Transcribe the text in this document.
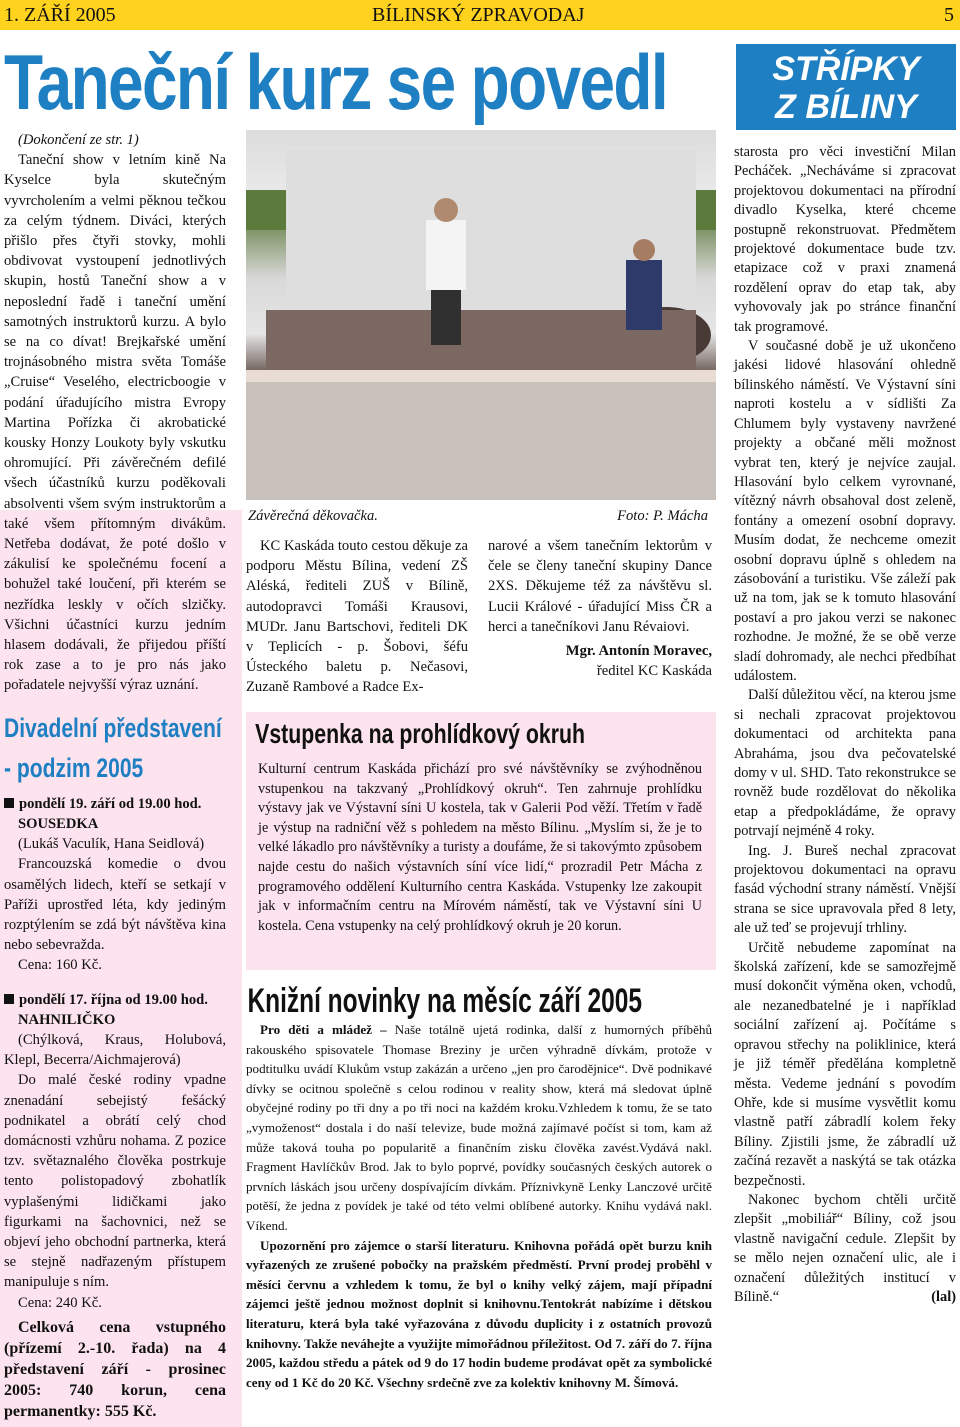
1. ZÁŘÍ 2005	BÍLINSKÝ ZPRAVODAJ	5
Taneční kurz se povedl

(Dokončení ze str. 1)

Taneční show v letním kině Na Kyselce byla skutečným vyvrcholením a velmi pěknou tečkou za celým týdnem. Diváci, kterých přišlo přes čtyři stovky, mohli obdivovat vystoupení jednotlivých skupin, hostů Taneční show a v neposlední řadě i taneční umění samotných instruktorů kurzu. A bylo se na co dívat! Brejkařské umění trojnásobného mistra světa Tomáše „Cruise“ Veselého, electricboogie v podání úřadujícího mistra Evropy Martina Pořízka či akrobatické kousky Honzy Loukoty byly vskutku ohromující. Při závěrečném defilé všech účastníků kurzu poděkovali absolventi všem svým instruktorům a také všem přítomným divákům. Netřeba dodávat, že poté došlo v zákulisí ke společnému focení a bohužel také loučení, při kterém se nezřídka leskly v očích slzičky. Všichni účastníci kurzu jedním hlasem dodávali, že přijedou příští rok zase a to je pro nás jako pořadatele nejvyšší výraz uznání.

Divadelní představení
- podzim 2005

pondělí 19. září od 19.00 hod.

SOUSEDKA

(Lukáš Vaculík, Hana Seidlová)

Francouzská komedie o dvou osamělých lidech, kteří se setkají v Paříži uprostřed léta, kdy jediným rozptýlením se zdá být návštěva kina nebo sebevražda.

Cena: 160 Kč.

pondělí 17. října od 19.00 hod.

NAHNILIČKO

(Chýlková, Kraus, Holubová, Klepl, Becerra/Aichmajerová)

Do malé české rodiny vpadne znenadání sebejistý fešácký podnikatel a obrátí celý chod domácnosti vzhůru nohama. Z pozice tzv. světaznalého člověka postrkuje tento polistopadový zbohatlík vyplašenými lidičkami jako figurkami na šachovnici, než se objeví jeho obchodní partnerka, která se stejně nadřazeným přístupem manipuluje s ním.

Cena: 240 Kč.

Celková cena vstupného (přízemí 2.-10. řada) na 4 představení září - prosinec 2005: 740 korun, cena permanentky: 555 Kč.

Závěrečná děkovačka.	Foto: P. Mácha

KC Kaskáda touto cestou děkuje za podporu Městu Bílina, vedení ZŠ Aléská, řediteli ZUŠ v Bílině, autodopravci Tomáši Krausovi, MUDr. Janu Bartschovi, řediteli DK v Teplicích - p. Šobovi, šéfu Ústeckého baletu p. Nečasovi, Zuzaně Rambové a Radce Ex-

narové a všem tanečním lektorům v čele se členy taneční skupiny Dance 2XS. Děkujeme též za návštěvu sl. Lucii Králové - úřadující Miss ČR a herci a tanečníkovi Janu Révaiovi.

Mgr. Antonín Moravec,

ředitel KC Kaskáda

Vstupenka na prohlídkový okruh
Kulturní centrum Kaskáda přichází pro své návštěvníky se zvýhodněnou vstupenkou na takzvaný „Prohlídkový okruh“. Ten zahrnuje prohlídku výstavy jak ve Výstavní síni U kostela, tak v Galerii Pod věží. Třetím v řadě je výstup na radniční věž s pohledem na město Bílinu. „Myslím si, že je to velké lákadlo pro návštěvníky a turisty a doufáme, že si takovýmto způsobem najde cestu do našich výstavních síní více lidí,“ prozradil Petr Mácha z programového oddělení Kulturního centra Kaskáda. Vstupenky lze zakoupit jak v informačním centru na Mírovém náměstí, tak ve Výstavní síni U kostela. Cena vstupenky na celý prohlídkový okruh je 20 korun.
Knižní novinky na měsíc září 2005

Pro děti a mládež – Naše totálně ujetá rodinka, další z humorných příběhů rakouského spisovatele Thomase Breziny je určen výhradně dívkám, protože v podtitulku uvádí Klukům vstup zakázán a určeno „jen pro čarodějnice“. Dvě podnikavé dívky se ocitnou společně s celou rodinou v reality show, která má sledovat úplně obyčejné rodiny po tři dny a po tři noci na každém kroku.Vzhledem k tomu, že se tato „vymoženost“ dostala i do naší televize, bude možná zajímavé počíst si tom, kam až může taková touha po popularitě a finančním zisku člověka zavést.Vydává nakl. Fragment Havlíčkův Brod. Jak to bylo poprvé, povídky současných českých autorek o prvních láskách jsou určeny dospívajícím dívkám. Příznivkyně Lenky Lanczové určitě potěší, že jedna z povídek je také od této velmi oblíbené autorky. Knihu vydává nakl. Víkend.

Upozornění pro zájemce o starší literaturu. Knihovna pořádá opět burzu knih vyřazených ze zrušené pobočky na pražském předměstí. První prodej proběhl v měsíci červnu a vzhledem k tomu, že byl o knihy velký zájem, mají případní zájemci ještě jednou možnost doplnit si knihovnu.Tentokrát nabízíme i dětskou literaturu, která byla také vyřazována z důvodu duplicity i z ostatních provozů knihovny. Takže neváhejte a využijte mimořádnou příležitost. Od 7. září do 7. října 2005, každou středu a pátek od 9 do 17 hodin budeme prodávat opět za symbolické ceny od 1 Kč do 20 Kč. Všechny srdečně zve za kolektiv knihovny M. Šímová.

STŘÍPKY
Z BÍLINY

starosta pro věci investiční Milan Pecháček. „Necháváme si zpracovat projektovou dokumentaci na přírodní divadlo Kyselka, které chceme postupně rekonstruovat. Předmětem projektové dokumentace bude tzv. etapizace což v praxi znamená rozdělení oprav do etap tak, aby vyhovovaly jak po stránce finanční tak programové.

V současné době je už ukončeno jakési lidové hlasování ohledně bílinského náměstí. Ve Výstavní síni naproti kostelu a v sídlišti Za Chlumem byly vystaveny navržené projekty a občané měli možnost vybrat ten, který je nejvíce zaujal. Hlasování bylo celkem vyrovnané, vítězný návrh obsahoval dost zeleně, fontány a omezení osobní dopravy. Musím dodat, že nechceme omezit osobní dopravu úplně s ohledem na zásobování a turistiku. Vše záleží pak už na tom, jak se k tomuto hlasování postaví a pro jakou verzi se nakonec rozhodne. Je možné, že se obě verze sladí dohromady, ale nechci předbíhat událostem.

Další důležitou věcí, na kterou jsme si nechali zpracovat projektovou dokumentaci od architekta pana Abraháma, jsou dva pečovatelské domy v ul. SHD. Tato rekonstrukce se rovněž bude rozdělovat do několika etap a předpokládáme, že opravy potrvají nejméně 4 roky.

Ing. J. Bureš nechal zpracovat projektovou dokumentaci na opravu fasád východní strany náměstí. Vnější strana se sice upravovala před 8 lety, ale už teď se projevují trhliny.

Určitě nebudeme zapomínat na školská zařízení, kde se samozřejmě musí dokončit výměna oken, vchodů, ale nezanedbatelné je i například sociální zařízení aj. Počítáme s opravou střechy na poliklinice, která je již téměř předělána kompletně města. Vedeme jednání s povodím Ohře, kde si musíme vysvětlit komu vlastně patří zábradlí kolem řeky Bíliny. Zjistili jsme, že zábradlí už začíná rezavět a naskýtá se tak otázka bezpečnosti.

Nakonec bychom chtěli určitě zlepšit „mobiliář“ Bíliny, což jsou vlastně navigační cedule. Zlepšit by se mělo nejen označení ulic, ale i označení důležitých institucí v Bílině.“	(lal)
